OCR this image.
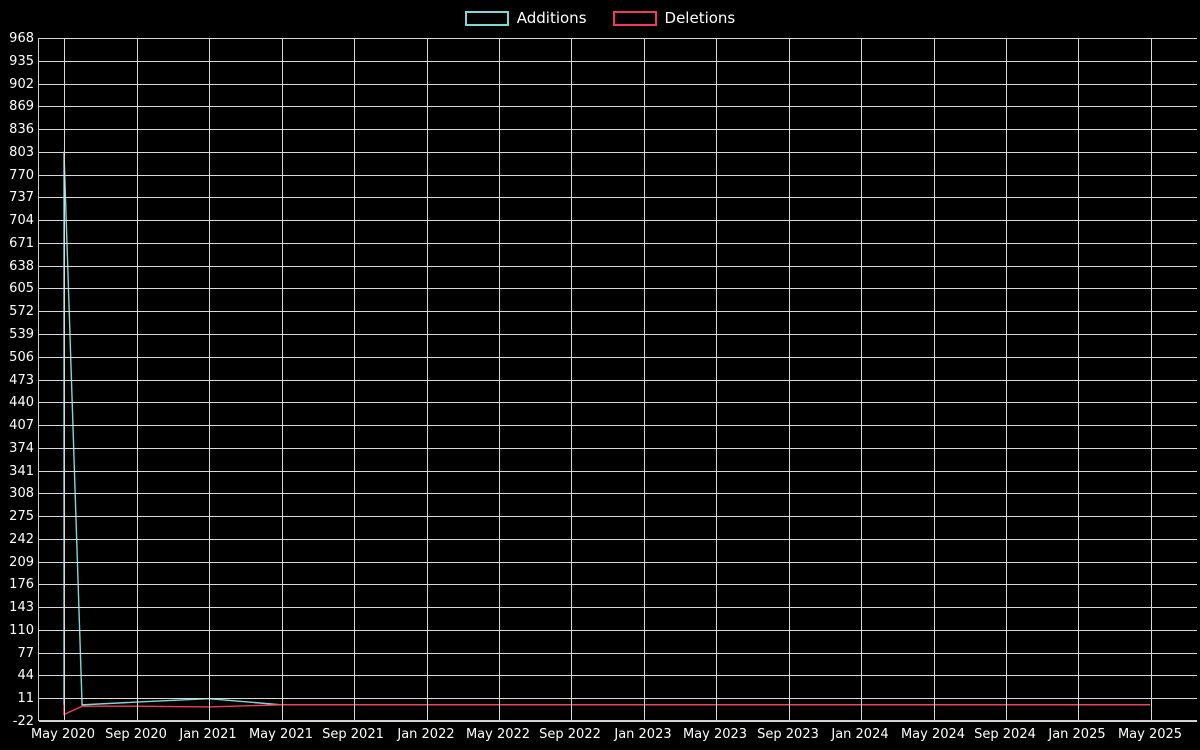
Additions	Deletions
968
935
902
869
836
803
770
737
704
671
638
605
572
539
506
473
440
407
374
341
308
275
242
209
176
143
110
77
44
11
-22
May 2020 Sep 2020 Jan 2021 May 2021 Sep 2021 Jan 2022 May 2022 Sep 2022 Jan 2023 May 2023 Sep 2023 Jan 2024 May 2024 Sep 2024 Jan 2025 May 2025
